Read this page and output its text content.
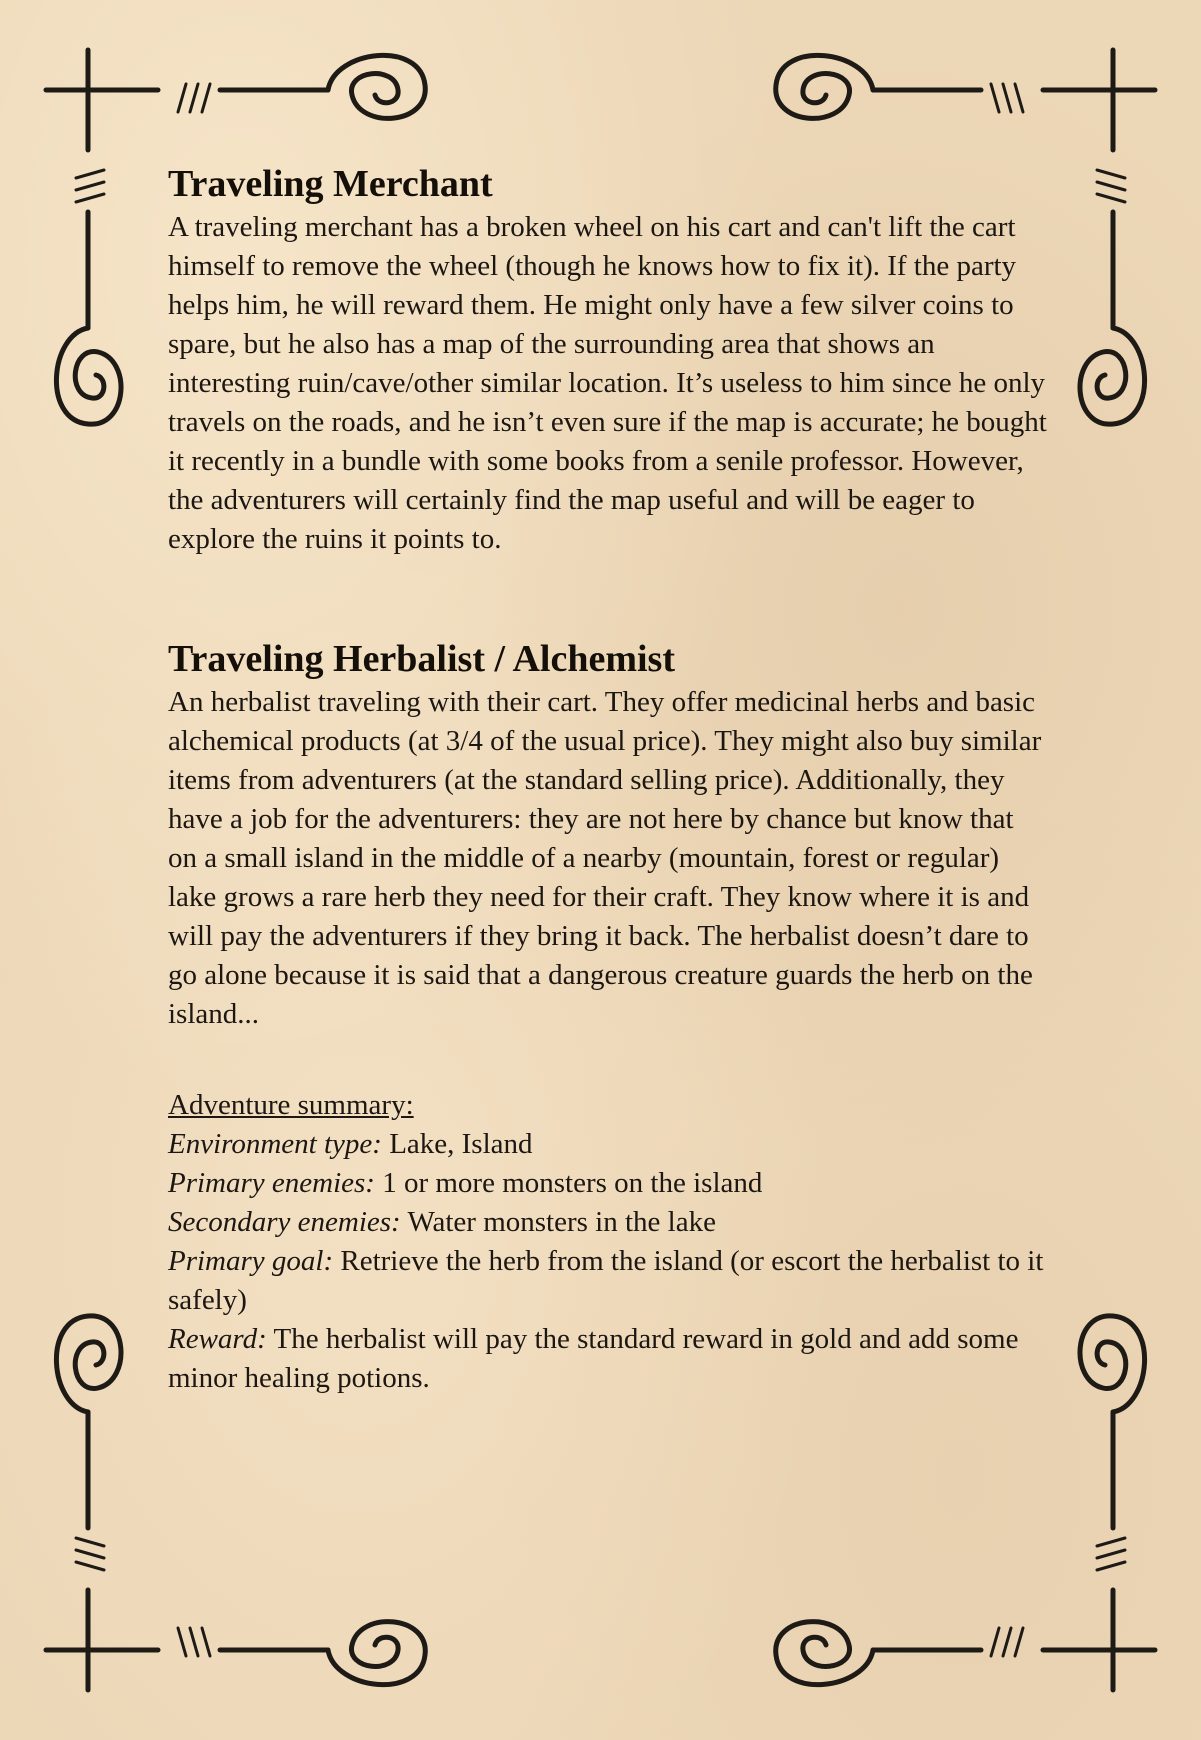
Traveling Merchant

A traveling merchant has a broken wheel on his cart and can't lift the cart himself to remove the wheel (though he knows how to fix it). If the party helps him, he will reward them. He might only have a few silver coins to spare, but he also has a map of the surrounding area that shows an interesting ruin/cave/other similar location. It’s useless to him since he only travels on the roads, and he isn’t even sure if the map is accurate; he bought it recently in a bundle with some books from a senile professor. However, the adventurers will certainly find the map useful and will be eager to explore the ruins it points to.

Traveling Herbalist / Alchemist

An herbalist traveling with their cart. They offer medicinal herbs and basic alchemical products (at 3/4 of the usual price). They might also buy similar items from adventurers (at the standard selling price). Additionally, they have a job for the adventurers: they are not here by chance but know that on a small island in the middle of a nearby (mountain, forest or regular) lake grows a rare herb they need for their craft. They know where it is and will pay the adventurers if they bring it back. The herbalist doesn’t dare to go alone because it is said that a dangerous creature guards the herb on the island...

Adventure summary:

Environment type: Lake, Island

Primary enemies: 1 or more monsters on the island

Secondary enemies: Water monsters in the lake

Primary goal: Retrieve the herb from the island (or escort the herbalist to it safely)

Reward: The herbalist will pay the standard reward in gold and add some minor healing potions.
